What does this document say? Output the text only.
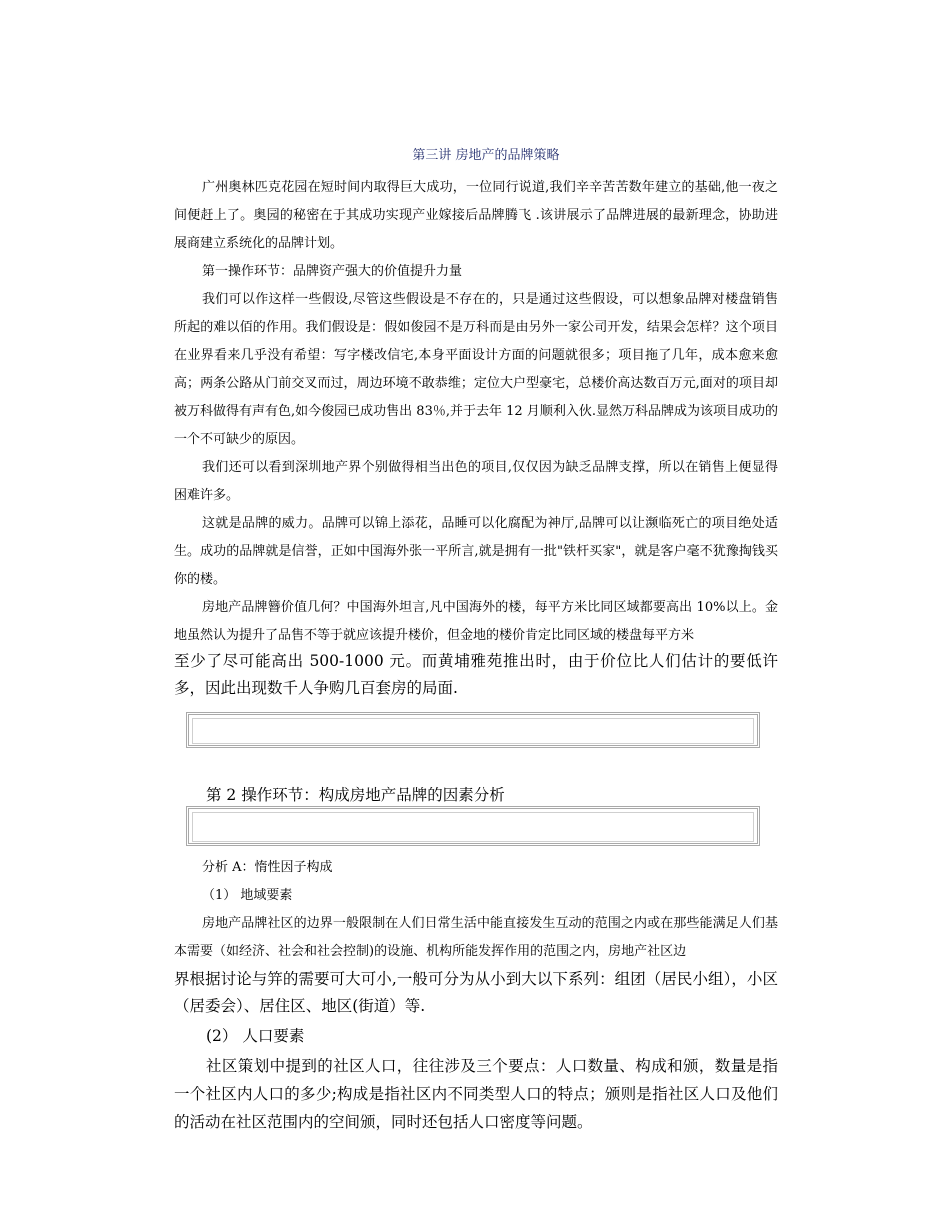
第三讲 房地产的品牌策略

广州奥林匹克花园在短时间内取得巨大成功，一位同行说道,我们辛辛苦苦数年建立的基础,他一夜之间便赶上了。奥园的秘密在于其成功实现产业嫁接后品牌腾飞 .该讲展示了品牌进展的最新理念，协助进展商建立系统化的品牌计划。

第一操作环节：品牌资产强大的价值提升力量

我们可以作这样一些假设,尽管这些假设是不存在的，只是通过这些假设，可以想象品牌对楼盘销售所起的难以佰的作用。我们假设是：假如俊园不是万科而是由另外一家公司开发，结果会怎样？这个项目在业界看来几乎没有希望：写字楼改信宅,本身平面设计方面的问题就很多；项目拖了几年，成本愈来愈高；两条公路从门前交叉而过，周边环境不敢恭维；定位大户型豪宅，总楼价高达数百万元,面对的项目却被万科做得有声有色,如今俊园已成功售出 83％,并于去年 12 月顺利入伙.显然万科品牌成为该项目成功的一个不可缺少的原因。

我们还可以看到深圳地产界个别做得相当出色的项目,仅仅因为缺乏品牌支撑，所以在销售上便显得困难许多。

这就是品牌的威力。品牌可以锦上添花，品睡可以化腐配为神厅,品牌可以让濒临死亡的项目绝处适生。成功的品牌就是信誉，正如中国海外张一平所言,就是拥有一批"铁杆买家"，就是客户毫不犹豫掏钱买你的楼。

房地产品牌簪价值几何？中国海外坦言,凡中国海外的楼，每平方米比同区域都要高出 10%以上。金地虽然认为提升了品售不等于就应该提升楼价，但金地的楼价肯定比同区域的楼盘每平方米

至少了尽可能高出 500-1000 元。而黄埔雅苑推出时，由于价位比人们估计的要低许多，因此出现数千人争购几百套房的局面.

第 2 操作环节：构成房地产品牌的因素分析

分析 A：惰性因子构成

（1） 地域要素

房地产品牌社区的边界一般限制在人们日常生活中能直接发生互动的范围之内或在那些能满足人们基本需要（如经济、社会和社会控制)的设施、机构所能发挥作用的范围之内，房地产社区边

界根据讨论与笄的需要可大可小,一般可分为从小到大以下系列：组团（居民小组），小区（居委会）、居住区、地区(街道）等.

(2） 人口要素

社区策划中提到的社区人口，往往涉及三个要点：人口数量、构成和颁，数量是指一个社区内人口的多少;构成是指社区内不同类型人口的特点；颁则是指社区人口及他们的活动在社区范围内的空间颁，同时还包括人口密度等问题。
